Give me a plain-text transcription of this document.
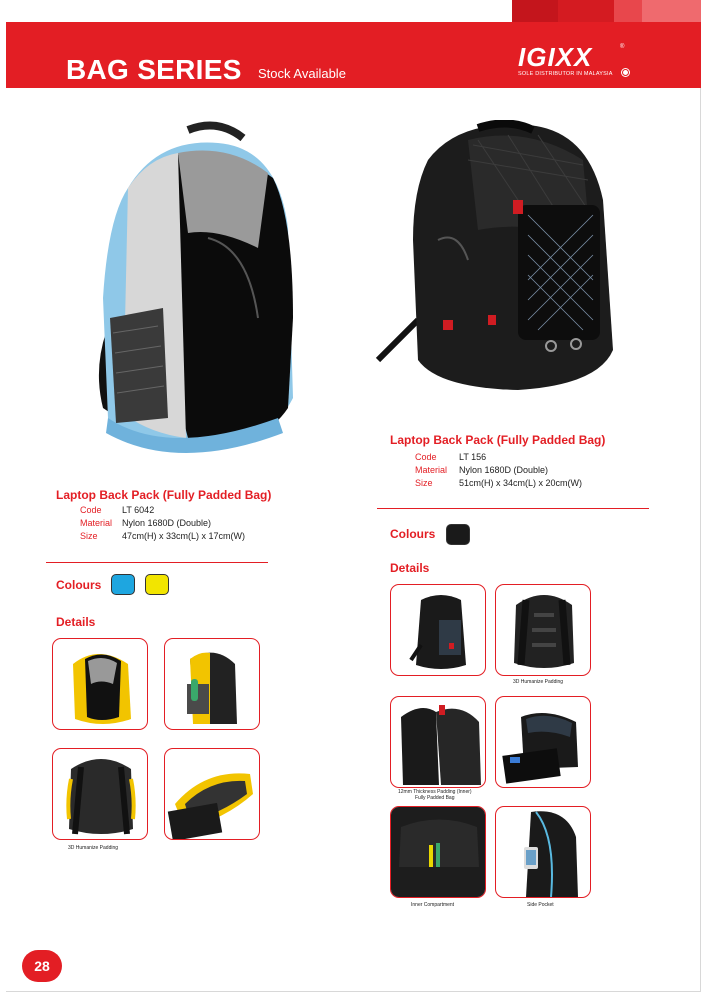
BAG SERIES Stock Available
IGIXX	®
SOLE DISTRIBUTOR IN MALAYSIA
Laptop Back Pack (Fully Padded Bag)
Code LT 156
Material Nylon 1680D (Double)
Size	51cm(H) x 34cm(L) x 20cm(W)
Laptop Back Pack (Fully Padded Bag)
Code LT 6042
Material Nylon 1680D (Double)
Size	47cm(H) x 33cm(L) x 17cm(W)
Colours
Colours
Details
Details
3D Humanize Padding
3D Humanize Padding
12mm Thickness Padding (Inner)
Fully Padded Bag
Inner Compartment	Side Pocket
28
